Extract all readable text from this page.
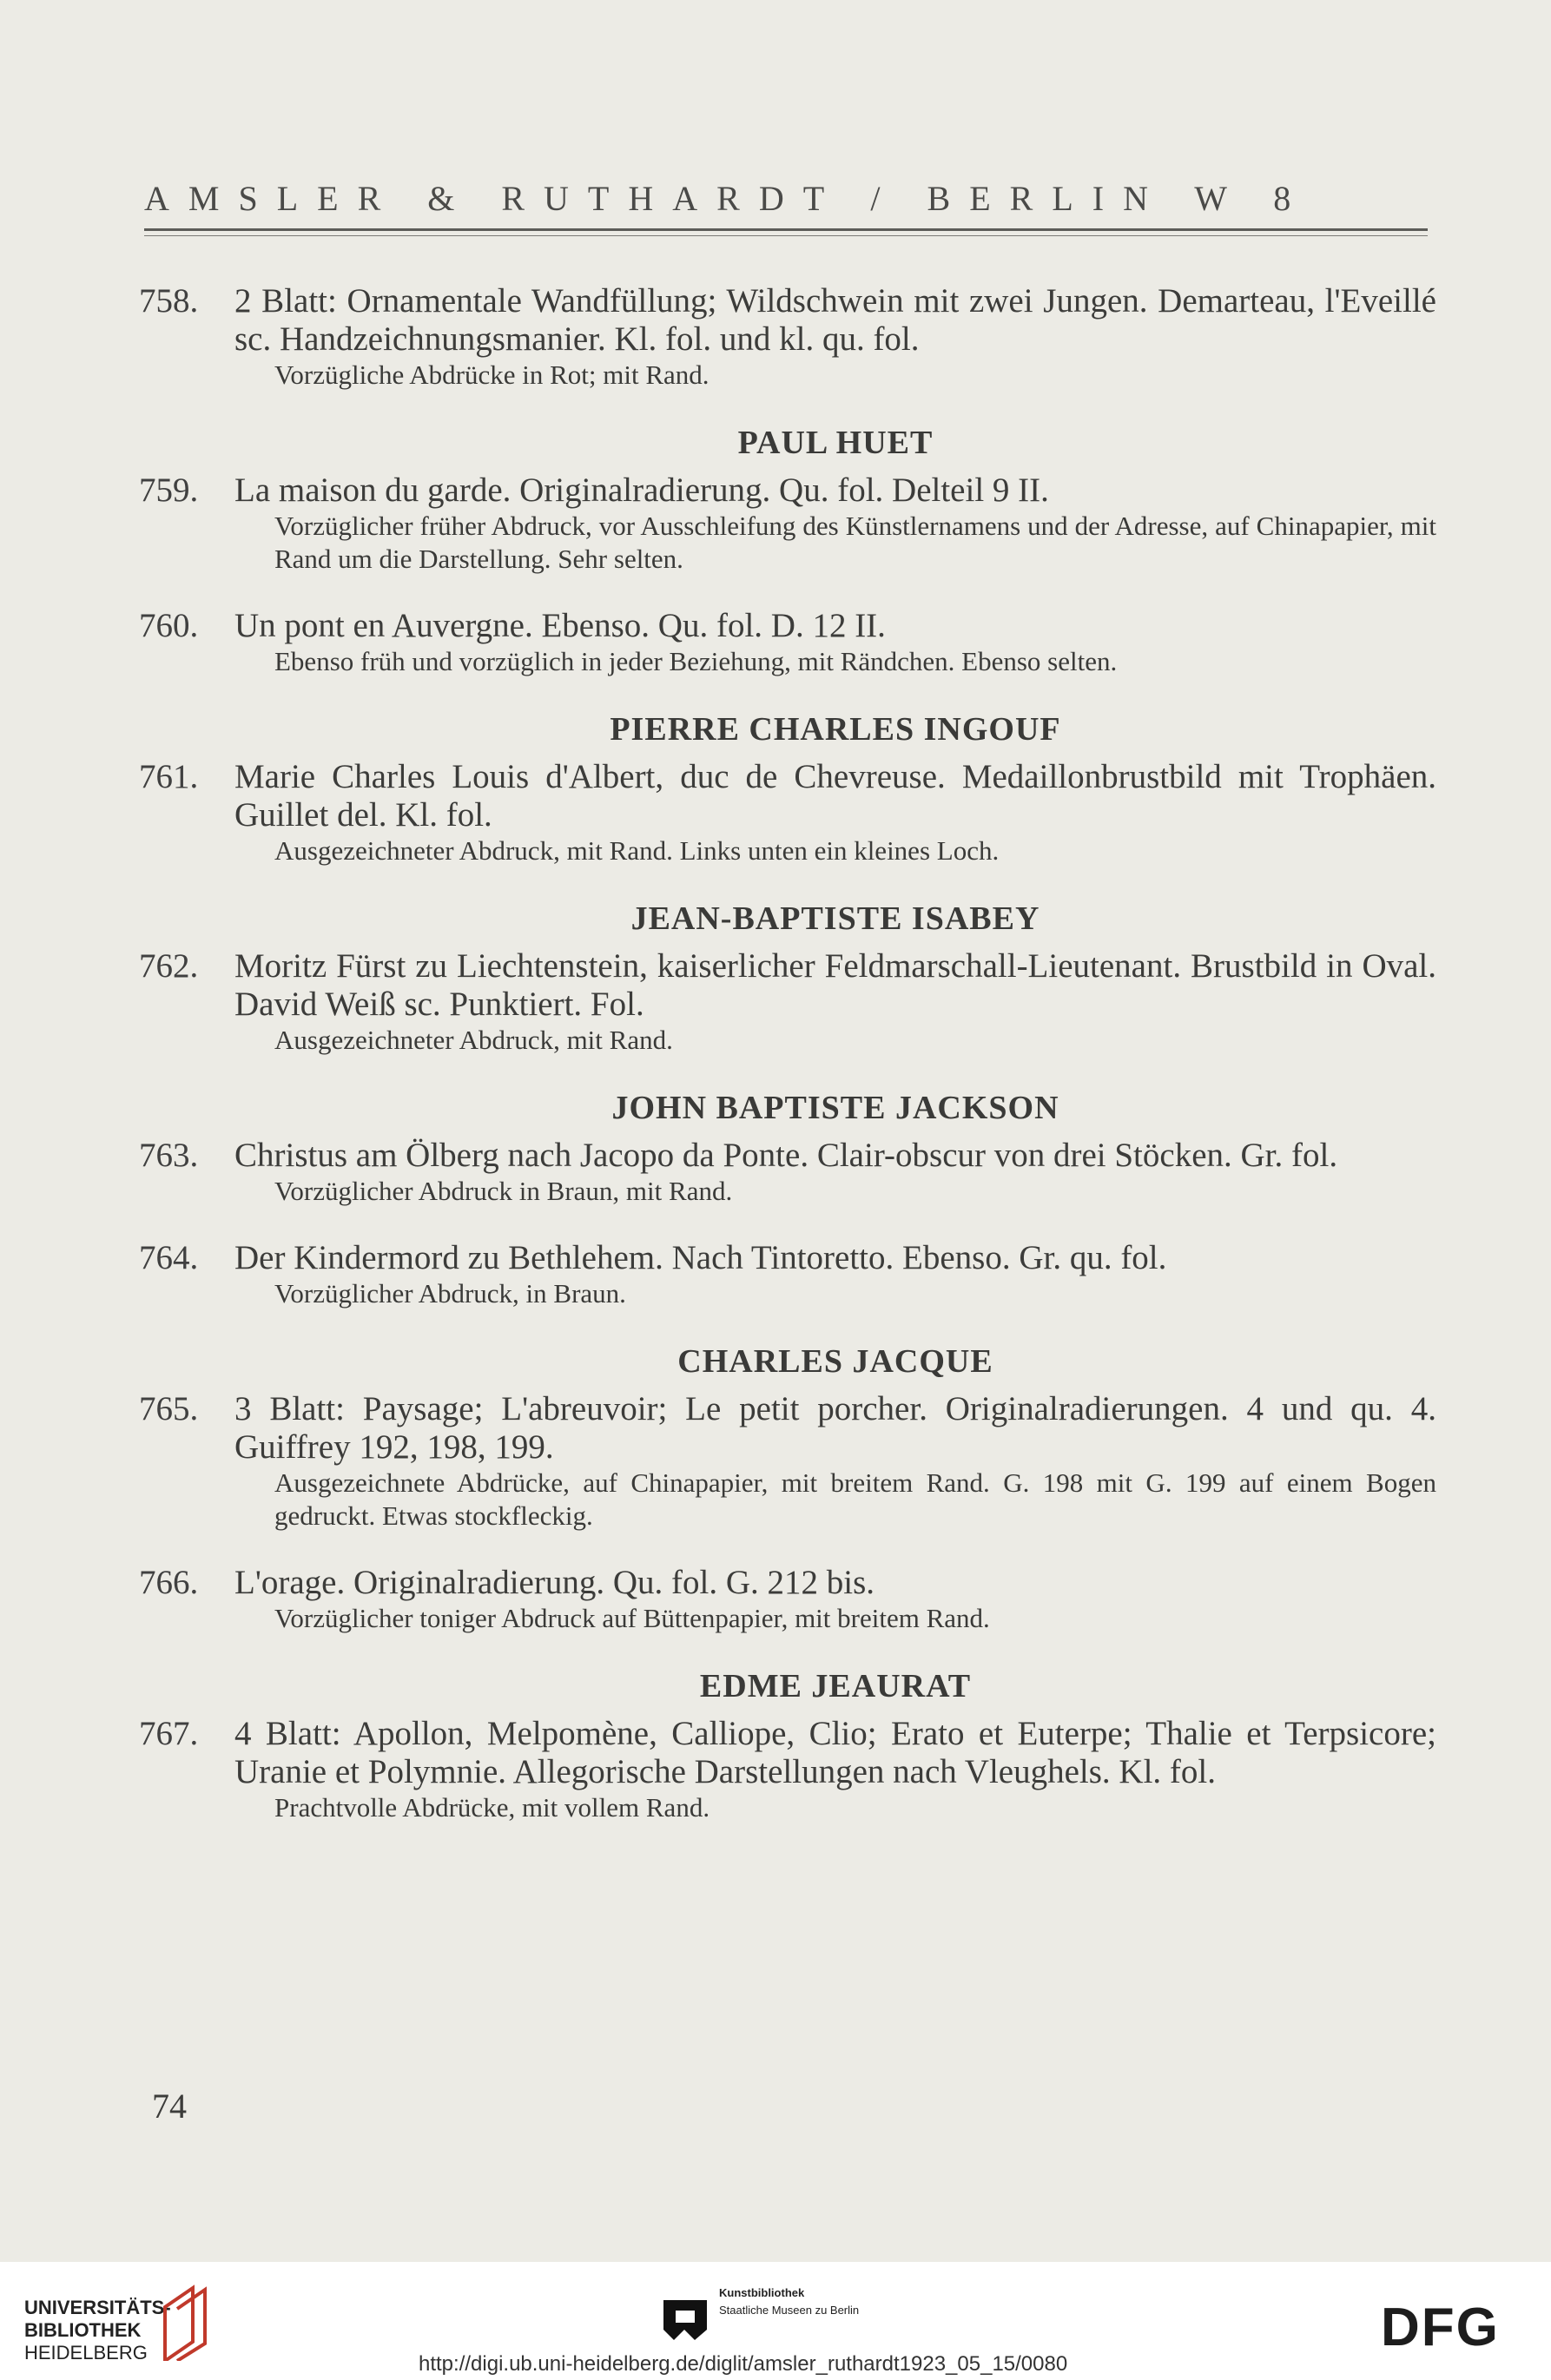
AMSLER & RUTHARDT / BERLIN W 8
758. 2 Blatt: Ornamentale Wandfüllung; Wildschwein mit zwei Jungen. Demarteau, l'Eveillé sc. Handzeichnungsmanier. Kl. fol. und kl. qu. fol.
Vorzügliche Abdrücke in Rot; mit Rand.
PAUL HUET
759. La maison du garde. Originalradierung. Qu. fol. Delteil 9 II.
Vorzüglicher früher Abdruck, vor Ausschleifung des Künstlernamens und der Adresse, auf Chinapapier, mit Rand um die Darstellung. Sehr selten.
760. Un pont en Auvergne. Ebenso. Qu. fol. D. 12 II.
Ebenso früh und vorzüglich in jeder Beziehung, mit Rändchen. Ebenso selten.
PIERRE CHARLES INGOUF
761. Marie Charles Louis d'Albert, duc de Chevreuse. Medaillonbrustbild mit Trophäen. Guillet del. Kl. fol.
Ausgezeichneter Abdruck, mit Rand. Links unten ein kleines Loch.
JEAN-BAPTISTE ISABEY
762. Moritz Fürst zu Liechtenstein, kaiserlicher Feldmarschall-Lieutenant. Brustbild in Oval. David Weiß sc. Punktiert. Fol.
Ausgezeichneter Abdruck, mit Rand.
JOHN BAPTISTE JACKSON
763. Christus am Ölberg nach Jacopo da Ponte. Clair-obscur von drei Stöcken. Gr. fol.
Vorzüglicher Abdruck in Braun, mit Rand.
764. Der Kindermord zu Bethlehem. Nach Tintoretto. Ebenso. Gr. qu. fol.
Vorzüglicher Abdruck, in Braun.
CHARLES JACQUE
765. 3 Blatt: Paysage; L'abreuvoir; Le petit porcher. Originalradierungen. 4 und qu. 4. Guiffrey 192, 198, 199.
Ausgezeichnete Abdrücke, auf Chinapapier, mit breitem Rand. G. 198 mit G. 199 auf einem Bogen gedruckt. Etwas stockfleckig.
766. L'orage. Originalradierung. Qu. fol. G. 212 bis.
Vorzüglicher toniger Abdruck auf Büttenpapier, mit breitem Rand.
EDME JEAURAT
767. 4 Blatt: Apollon, Melpomène, Calliope, Clio; Erato et Euterpe; Thalie et Terpsicore; Uranie et Polymnie. Allegorische Darstellungen nach Vleughels. Kl. fol.
Prachtvolle Abdrücke, mit vollem Rand.
74
UNIVERSITÄTS-
BIBLIOTHEK
HEIDELBERG
Kunstbibliothek
Staatliche Museen zu Berlin	DFG
http://digi.ub.uni-heidelberg.de/diglit/amsler_ruthardt1923_05_15/0080
